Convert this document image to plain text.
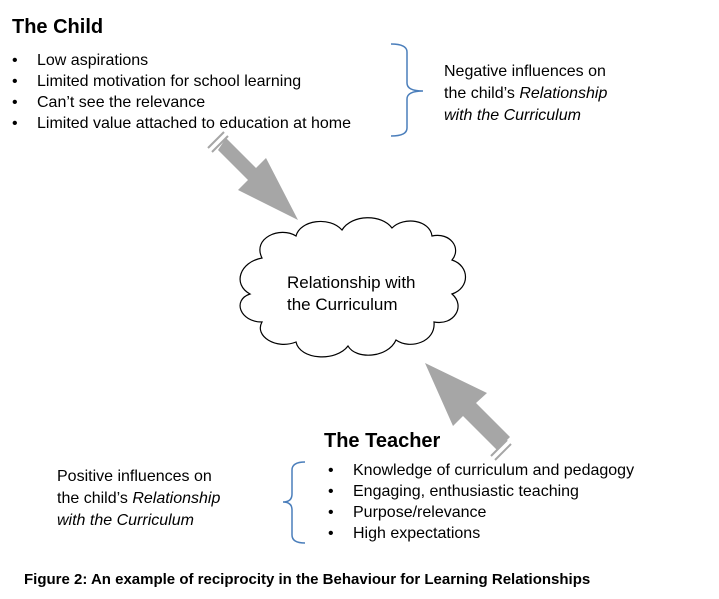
The Child
• Low aspirations
• Limited motivation for school learning
• Can’t see the relevance
• Limited value attached to education at home
Negative influences on
the child’s Relationship
with the Curriculum
Relationship with
the Curriculum
The Teacher
• Knowledge of curriculum and pedagogy
• Engaging, enthusiastic teaching
• Purpose/relevance
• High expectations
Positive influences on
the child’s Relationship
with the Curriculum
Figure 2: An example of reciprocity in the Behaviour for Learning Relationships
